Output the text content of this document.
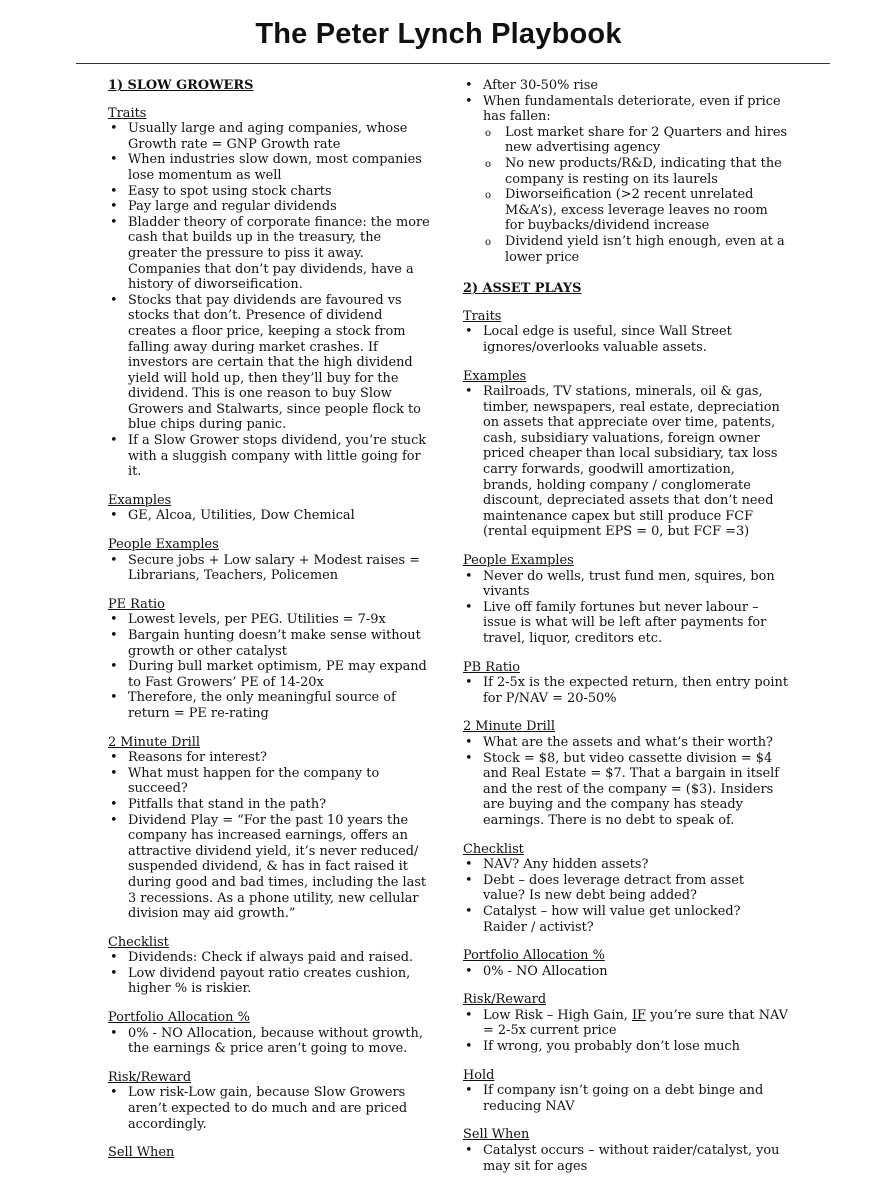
The Peter Lynch Playbook
1) SLOW GROWERS
Traits
• Usually large and aging companies, whose Growth rate = GNP Growth rate
• When industries slow down, most companies lose momentum as well
• Easy to spot using stock charts
• Pay large and regular dividends
• Bladder theory of corporate finance: the more cash that builds up in the treasury, the greater the pressure to piss it away. Companies that don’t pay dividends, have a history of diworseification.
• Stocks that pay dividends are favoured vs stocks that don’t. Presence of dividend creates a floor price, keeping a stock from falling away during market crashes. If investors are certain that the high dividend yield will hold up, then they’ll buy for the dividend. This is one reason to buy Slow Growers and Stalwarts, since people flock to blue chips during panic.
• If a Slow Grower stops dividend, you’re stuck with a sluggish company with little going for it.
Examples
• GE, Alcoa, Utilities, Dow Chemical
People Examples
• Secure jobs + Low salary + Modest raises = Librarians, Teachers, Policemen
PE Ratio
• Lowest levels, per PEG. Utilities = 7-9x
• Bargain hunting doesn’t make sense without growth or other catalyst
• During bull market optimism, PE may expand to Fast Growers’ PE of 14-20x
• Therefore, the only meaningful source of return = PE re-rating
2 Minute Drill
• Reasons for interest?
• What must happen for the company to succeed?
• Pitfalls that stand in the path?
• Dividend Play = “For the past 10 years the company has increased earnings, offers an attractive dividend yield, it’s never reduced/ suspended dividend, & has in fact raised it during good and bad times, including the last 3 recessions. As a phone utility, new cellular division may aid growth.”
Checklist
• Dividends: Check if always paid and raised.
• Low dividend payout ratio creates cushion, higher % is riskier.
Portfolio Allocation %
• 0% - NO Allocation, because without growth, the earnings & price aren’t going to move.
Risk/Reward
• Low risk-Low gain, because Slow Growers aren’t expected to do much and are priced accordingly.
Sell When
• After 30-50% rise
• When fundamentals deteriorate, even if price has fallen:
o Lost market share for 2 Quarters and hires new advertising agency
o No new products/R&D, indicating that the company is resting on its laurels
o Diworseification (>2 recent unrelated M&A’s), excess leverage leaves no room for buybacks/dividend increase
o Dividend yield isn’t high enough, even at a lower price
2) ASSET PLAYS
Traits
• Local edge is useful, since Wall Street ignores/overlooks valuable assets.
Examples
• Railroads, TV stations, minerals, oil & gas, timber, newspapers, real estate, depreciation on assets that appreciate over time, patents, cash, subsidiary valuations, foreign owner priced cheaper than local subsidiary, tax loss carry forwards, goodwill amortization, brands, holding company / conglomerate discount, depreciated assets that don’t need maintenance capex but still produce FCF (rental equipment EPS = 0, but FCF =3)
People Examples
• Never do wells, trust fund men, squires, bon vivants
• Live off family fortunes but never labour – issue is what will be left after payments for travel, liquor, creditors etc.
PB Ratio
• If 2-5x is the expected return, then entry point for P/NAV = 20-50%
2 Minute Drill
• What are the assets and what’s their worth?
• Stock = $8, but video cassette division = $4 and Real Estate = $7. That a bargain in itself and the rest of the company = ($3). Insiders are buying and the company has steady earnings. There is no debt to speak of.
Checklist
• NAV? Any hidden assets?
• Debt – does leverage detract from asset value? Is new debt being added?
• Catalyst – how will value get unlocked? Raider / activist?
Portfolio Allocation %
• 0% - NO Allocation
Risk/Reward
• Low Risk – High Gain, IF you’re sure that NAV = 2-5x current price
• If wrong, you probably don’t lose much
Hold
• If company isn’t going on a debt binge and reducing NAV
Sell When
• Catalyst occurs – without raider/catalyst, you may sit for ages
